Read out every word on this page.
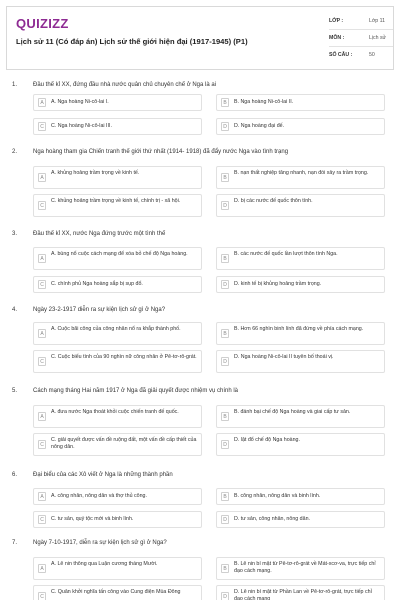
QUIZIZZ
Lịch sử 11 (Có đáp án) Lịch sử thế giới hiện đại (1917-1945) (P1)
LỚP :	Lớp 11
MÔN :	Lịch sử
SỐ CÂU :	50
1.	Đầu thế kỉ XX, đứng đầu nhà nước quân chủ chuyên chế ở Nga là ai
A	A. Nga hoàng Ni-cô-lai I.	B	B. Nga hoàng Ni-cô-lai II.
C	C. Nga hoàng Ni-cô-lai III.	D	D. Nga hoàng đại đế.
2.	Nga hoàng tham gia Chiến tranh thế giới thứ nhất (1914- 1918) đã đẩy nước Nga vào tình trạng
A
A. khủng hoảng trầm trọng về kinh tế.
B
B. nạn thất nghiệp tăng nhanh, nạn đói xảy ra trầm trọng.
C
C. khủng hoảng trầm trọng về kinh tế, chính trị - xã hội.
D
D. bị các nước đế quốc thôn tính.
3.	Đầu thế kỉ XX, nước Nga đứng trước một tình thế
A
A. bùng nổ cuộc cách mạng để xóa bỏ chế độ Nga hoàng.
B
B. các nước đế quốc lần lượt thôn tính Nga.
C	C. chính phủ Nga hoàng sắp bị sụp đổ.	D	D. kinh tế bị khủng hoảng trầm trọng.
4.	Ngày 23-2-1917 diễn ra sự kiện lịch sử gì ở Nga?
A
A. Cuộc bãi công của công nhân nổ ra khắp thành phố.
B
B. Hơn 66 nghìn binh lính đã đứng về phía cách mạng.
C
C. Cuộc biểu tình của 90 nghìn nữ công nhân ở Pê-tơ-rô-grát.
D
D. Nga hoàng Ni-cô-lai II tuyên bố thoái vị.
5.	Cách mạng tháng Hai năm 1917 ở Nga đã giải quyết được nhiệm vụ chính là
A
A. đưa nước Nga thoát khỏi cuộc chiến tranh đế quốc.
B
B. đánh bại chế độ Nga hoàng và giai cấp tư sản.
C
C. giải quyết được vấn đề ruộng đất, một vấn đề cấp thiết của nông dân.	D
D. lật đổ chế độ Nga hoàng.
6.	Đại biểu của các Xô viết ở Nga là những thành phần
A	A. công nhân, nông dân và thợ thủ công.	B	B. công nhân, nông dân và binh lính.
C	C. tư sản, quý tộc mới và binh lính.	D	D. tư sản, công nhân, nông dân.
7.	Ngày 7-10-1917, diễn ra sự kiện lịch sử gì ở Nga?
A
A. Lê nin thông qua Luận cương tháng Mười.
B
B. Lê nin bí mật từ Pê-tơ-rô-grát về Mát-xcơ-va, trực tiếp chỉ đạo cách mạng.
C
C. Quân khởi nghĩa tấn công vào Cung điện Mùa Đông
D
D. Lê nin bí mật từ Phần Lan về Pê-tơ-rô-grát, trực tiếp chỉ đạo cách mạng
